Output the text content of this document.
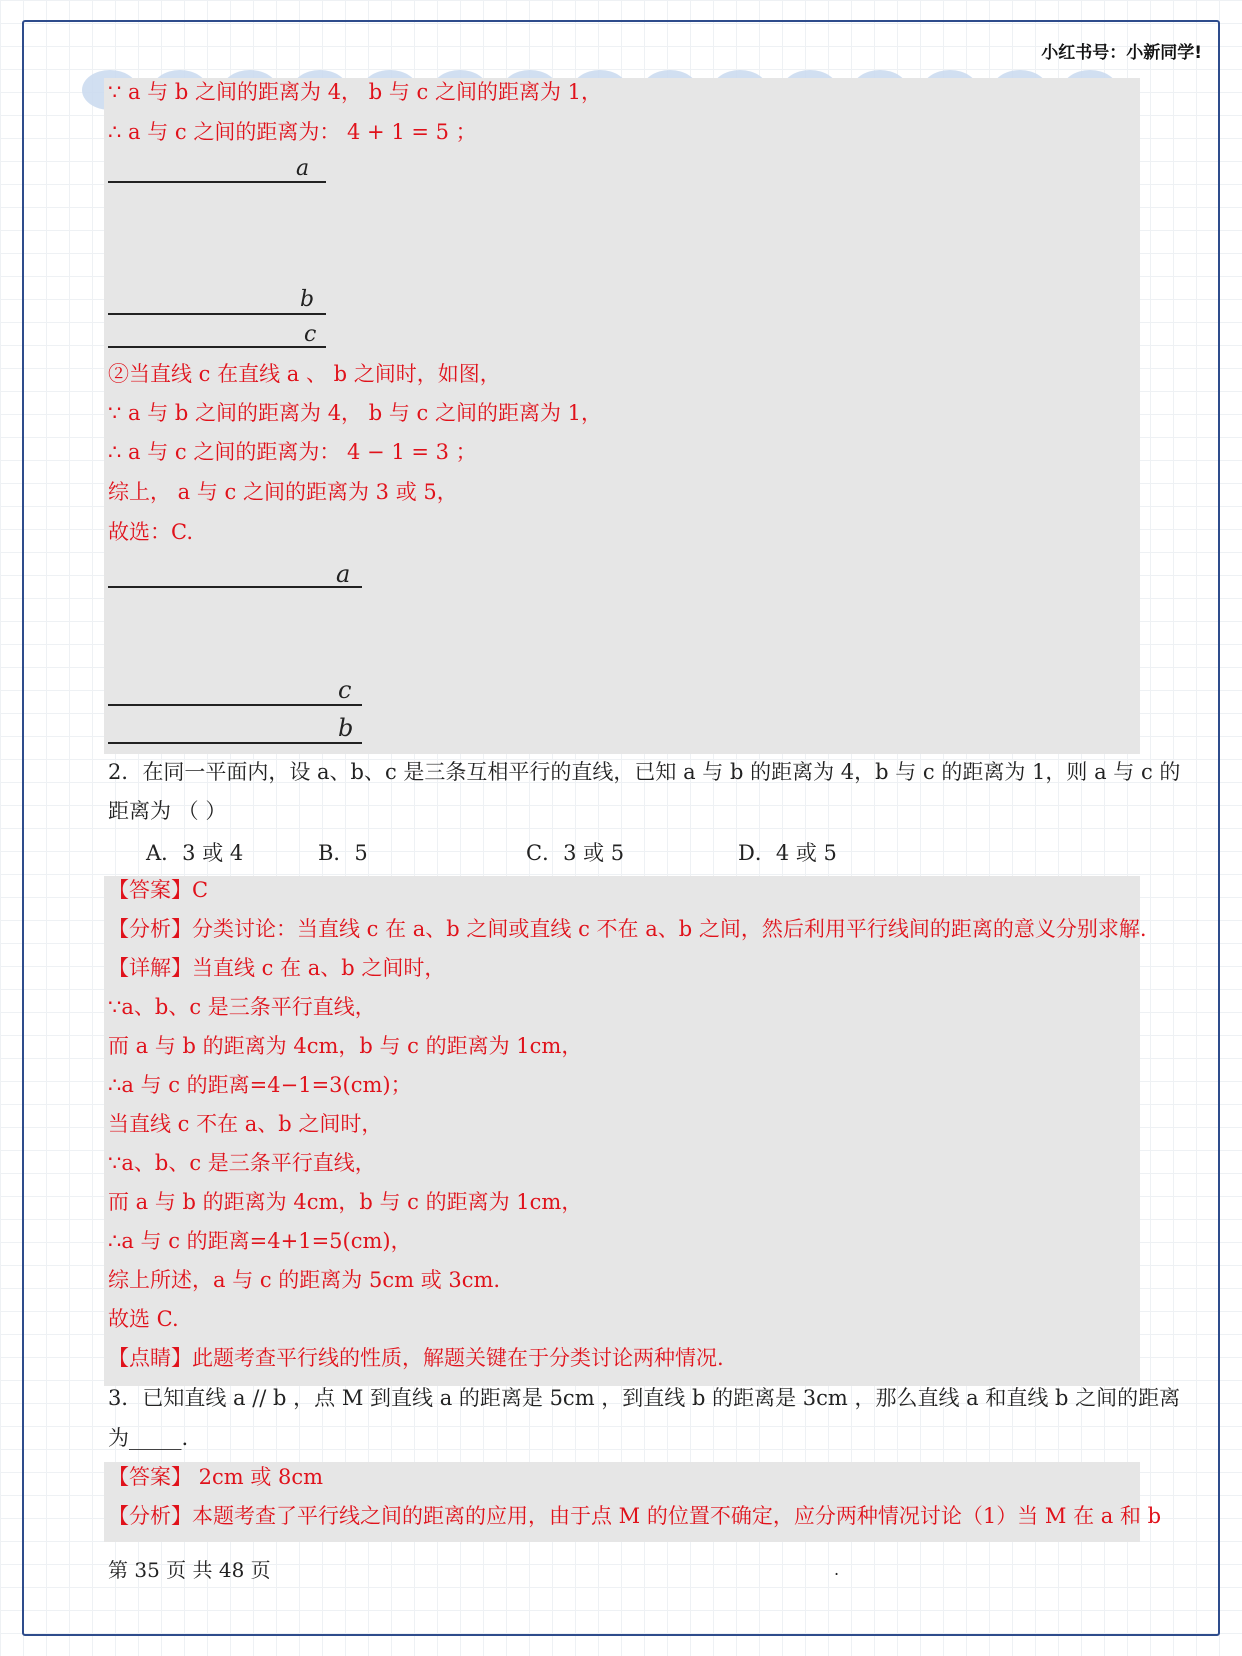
小红书号：小新同学!
∵ a 与 b 之间的距离为 4， b 与 c 之间的距离为 1，
∴ a 与 c 之间的距离为： 4 + 1 = 5 ；
a
b
c
②当直线 c 在直线 a 、 b 之间时，如图，
∵ a 与 b 之间的距离为 4， b 与 c 之间的距离为 1，
∴ a 与 c 之间的距离为： 4 − 1 = 3 ；
综上， a 与 c 之间的距离为 3 或 5，
故选：C.
a
c
b
2．在同一平面内，设 a、b、c 是三条互相平行的直线，已知 a 与 b 的距离为 4，b 与 c 的距离为 1，则 a 与 c 的
距离为 （ ）
A．3 或 4	B．5	C．3 或 5	D．4 或 5
【答案】C
【分析】分类讨论：当直线 c 在 a、b 之间或直线 c 不在 a、b 之间，然后利用平行线间的距离的意义分别求解.
【详解】当直线 c 在 a、b 之间时，
∵a、b、c 是三条平行直线，
而 a 与 b 的距离为 4cm，b 与 c 的距离为 1cm，
∴a 与 c 的距离=4−1=3(cm)；
当直线 c 不在 a、b 之间时，
∵a、b、c 是三条平行直线，
而 a 与 b 的距离为 4cm，b 与 c 的距离为 1cm，
∴a 与 c 的距离=4+1=5(cm)，
综上所述，a 与 c 的距离为 5cm 或 3cm.
故选 C.
【点睛】此题考查平行线的性质，解题关键在于分类讨论两种情况.
3．已知直线 a // b ，点 M 到直线 a 的距离是 5cm ，到直线 b 的距离是 3cm ，那么直线 a 和直线 b 之间的距离
为_____.
【答案】 2cm 或 8cm
【分析】本题考查了平行线之间的距离的应用，由于点 M 的位置不确定，应分两种情况讨论（1）当 M 在 a 和 b
第 35 页 共 48 页	.
